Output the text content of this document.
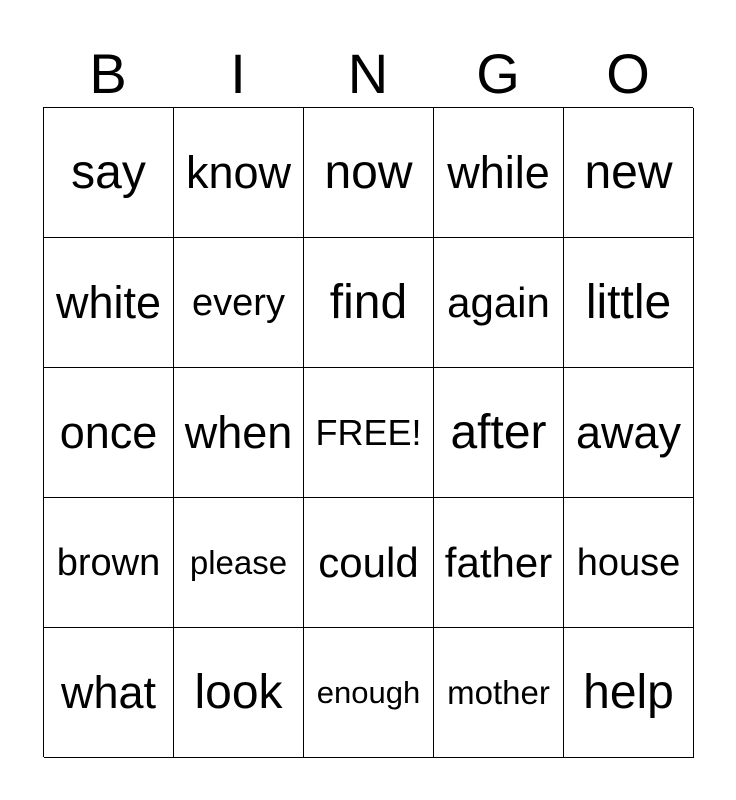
B	I	N	G	O
say know now while new
white every find again little
once when FREE! after away
brown please could father house
what look enough mother help
